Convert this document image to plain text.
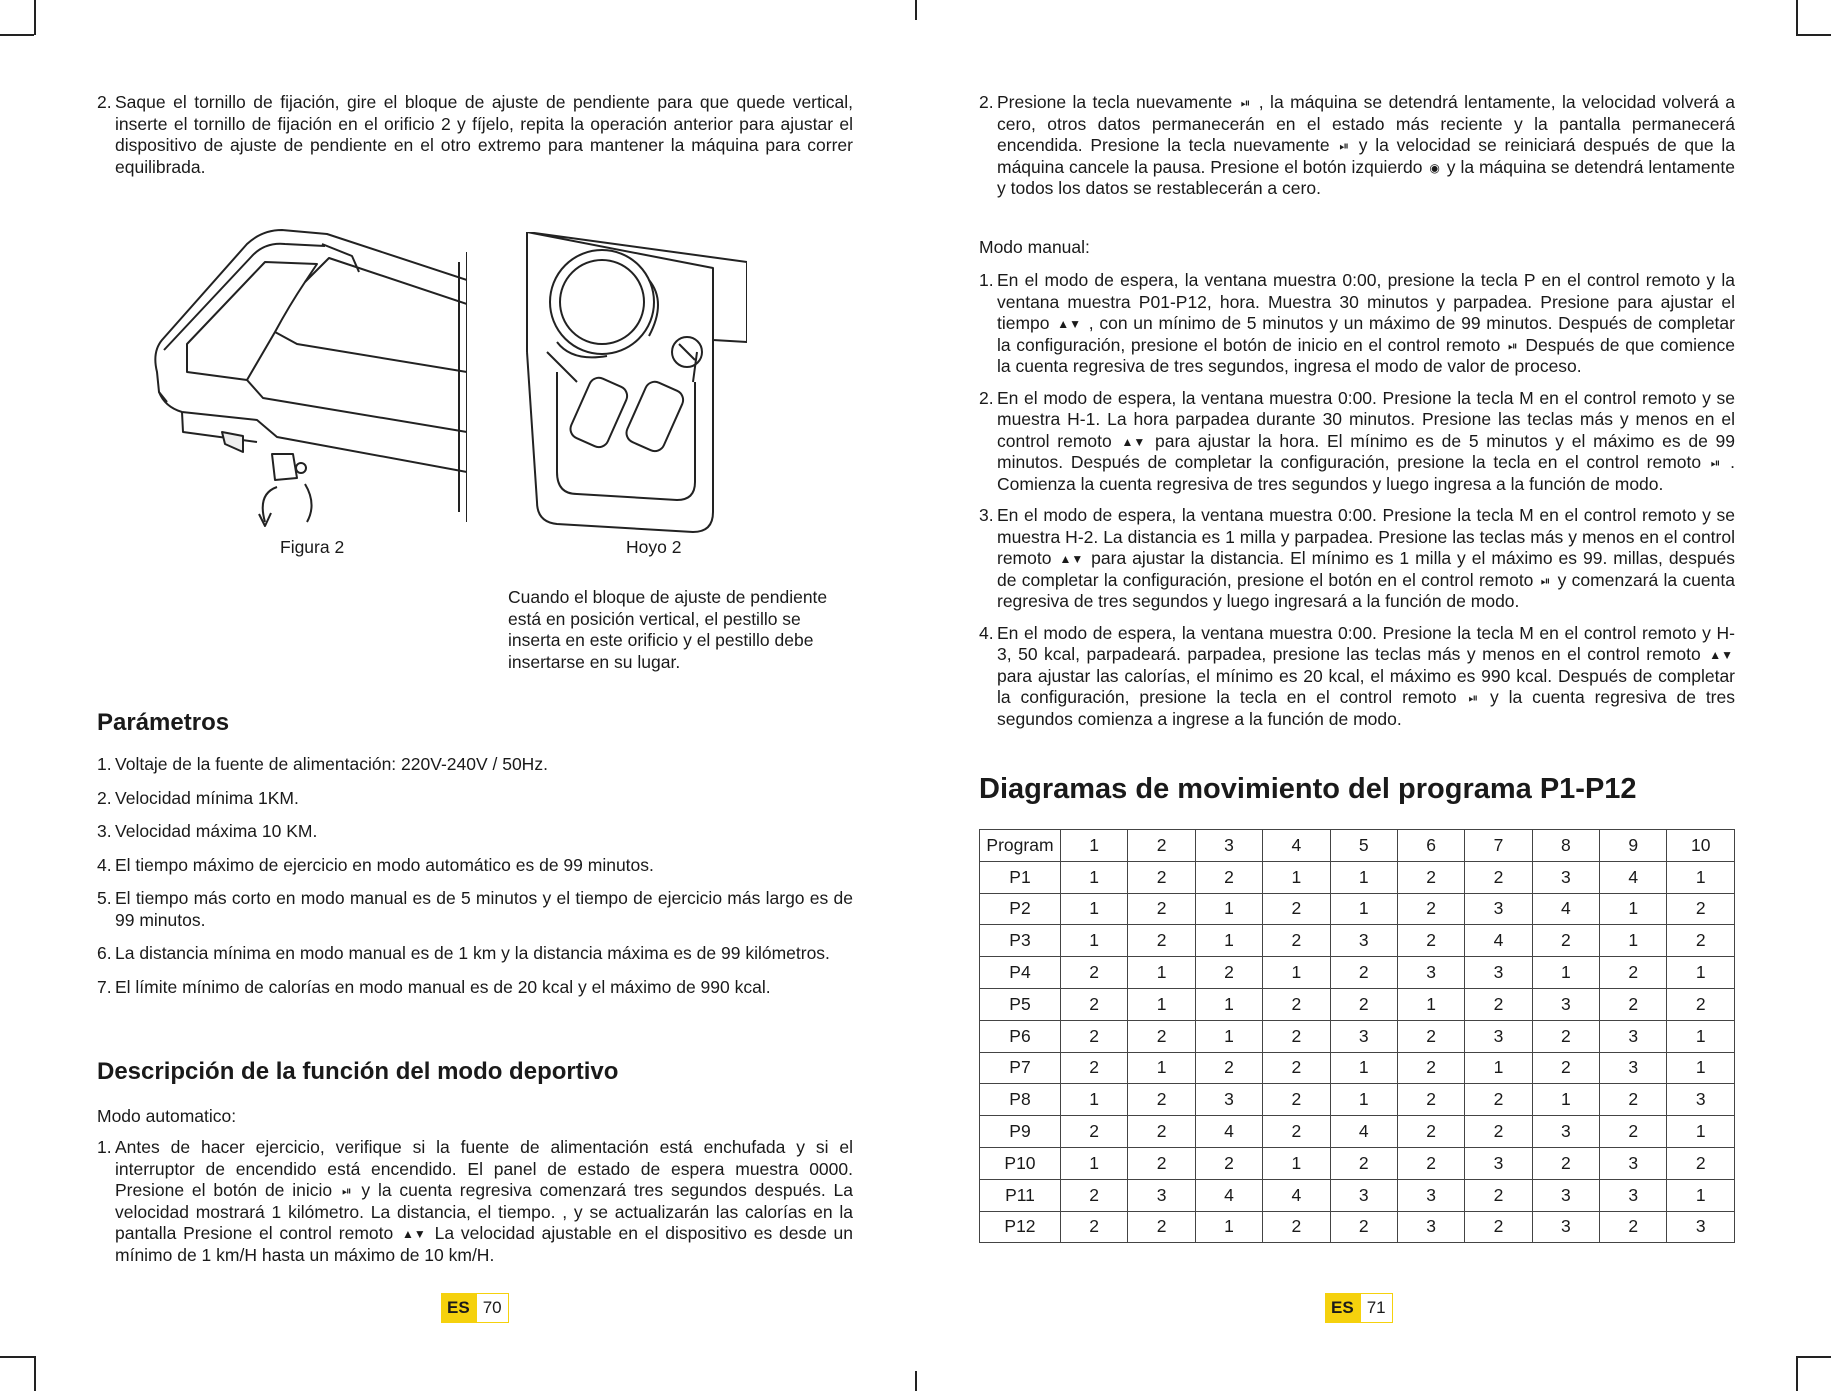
2. Saque el tornillo de fijación, gire el bloque de ajuste de pendiente para que quede vertical, inserte el tornillo de fijación en el orificio 2 y fíjelo, repita la operación anterior para ajustar el dispositivo de ajuste de pendiente en el otro extremo para mantener la máquina para correr equilibrada.
Figura 2	Hoyo 2

Cuando el bloque de ajuste de pendiente está en posición vertical, el pestillo se inserta en este orificio y el pestillo debe insertarse en su lugar.

Parámetros
1. Voltaje de la fuente de alimentación: 220V-240V / 50Hz.
2. Velocidad mínima 1KM.
3. Velocidad máxima 10 KM.
4. El tiempo máximo de ejercicio en modo automático es de 99 minutos.
5. El tiempo más corto en modo manual es de 5 minutos y el tiempo de ejercicio más largo es de 99 minutos.
6. La distancia mínima en modo manual es de 1 km y la distancia máxima es de 99 kilómetros.
7. El límite mínimo de calorías en modo manual es de 20 kcal y el máximo de 990 kcal.
Descripción de la función del modo deportivo

Modo automatico:

1. Antes de hacer ejercicio, verifique si la fuente de alimentación está enchufada y si el interruptor de encendido está encendido. El panel de estado de espera muestra 0000. Presione el botón de inicio ⏯ y la cuenta regresiva comenzará tres segundos después. La velocidad mostrará 1 kilómetro. La distancia, el tiempo. , y se actualizarán las calorías en la pantalla Presione el control remoto ▲▼ La velocidad ajustable en el dispositivo es desde un mínimo de 1 km/H hasta un máximo de 10 km/H.
ES 70
2. Presione la tecla nuevamente ⏯ , la máquina se detendrá lentamente, la velocidad volverá a cero, otros datos permanecerán en el estado más reciente y la pantalla permanecerá encendida. Presione la tecla nuevamente ⏯ y la velocidad se reiniciará después de que la máquina cancele la pausa. Presione el botón izquierdo ◉ y la máquina se detendrá lentamente y todos los datos se restablecerán a cero.

Modo manual:

1. En el modo de espera, la ventana muestra 0:00, presione la tecla P en el control remoto y la ventana muestra P01-P12, hora. Muestra 30 minutos y parpadea. Presione para ajustar el tiempo ▲▼ , con un mínimo de 5 minutos y un máximo de 99 minutos. Después de completar la configuración, presione el botón de inicio en el control remoto ⏯ Después de que comience la cuenta regresiva de tres segundos, ingresa el modo de valor de proceso.
2. En el modo de espera, la ventana muestra 0:00. Presione la tecla M en el control remoto y se muestra H-1. La hora parpadea durante 30 minutos. Presione las teclas más y menos en el control remoto ▲▼ para ajustar la hora. El mínimo es de 5 minutos y el máximo es de 99 minutos. Después de completar la configuración, presione la tecla en el control remoto ⏯ . Comienza la cuenta regresiva de tres segundos y luego ingresa a la función de modo.
3. En el modo de espera, la ventana muestra 0:00. Presione la tecla M en el control remoto y se muestra H-2. La distancia es 1 milla y parpadea. Presione las teclas más y menos en el control remoto ▲▼ para ajustar la distancia. El mínimo es 1 milla y el máximo es 99. millas, después de completar la configuración, presione el botón en el control remoto ⏯ y comenzará la cuenta regresiva de tres segundos y luego ingresará a la función de modo.
4. En el modo de espera, la ventana muestra 0:00. Presione la tecla M en el control remoto y H-3, 50 kcal, parpadeará. parpadea, presione las teclas más y menos en el control remoto ▲▼ para ajustar las calorías, el mínimo es 20 kcal, el máximo es 990 kcal. Después de completar la configuración, presione la tecla en el control remoto ⏯ y la cuenta regresiva de tres segundos comienza a ingrese a la función de modo.
Diagramas de movimiento del programa P1-P12
Program	1	2	3	4	5	6	7	8	9	10
P1	1	2	2	1	1	2	2	3	4	1
P2	1	2	1	2	1	2	3	4	1	2
P3	1	2	1	2	3	2	4	2	1	2
P4	2	1	2	1	2	3	3	1	2	1
P5	2	1	1	2	2	1	2	3	2	2
P6	2	2	1	2	3	2	3	2	3	1
P7	2	1	2	2	1	2	1	2	3	1
P8	1	2	3	2	1	2	2	1	2	3
P9	2	2	4	2	4	2	2	3	2	1
P10	1	2	2	1	2	2	3	2	3	2
P11	2	3	4	4	3	3	2	3	3	1
P12	2	2	1	2	2	3	2	3	2	3
ES 71
